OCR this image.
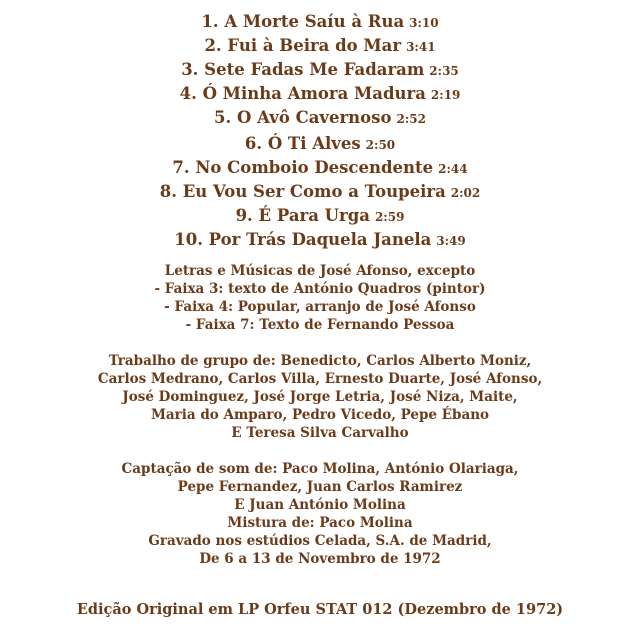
1. A Morte Saíu à Rua 3:10
2. Fui à Beira do Mar 3:41
3. Sete Fadas Me Fadaram 2:35
4. Ó Minha Amora Madura 2:19
5. O Avô Cavernoso 2:52
6. Ó Ti Alves 2:50
7. No Comboio Descendente 2:44
8. Eu Vou Ser Como a Toupeira 2:02
9. É Para Urga 2:59
10. Por Trás Daquela Janela 3:49
Letras e Músicas de José Afonso, excepto
- Faixa 3: texto de António Quadros (pintor)
- Faixa 4: Popular, arranjo de José Afonso
- Faixa 7: Texto de Fernando Pessoa
Trabalho de grupo de: Benedicto, Carlos Alberto Moniz,
Carlos Medrano, Carlos Villa, Ernesto Duarte, José Afonso,
José Dominguez, José Jorge Letria, José Niza, Maite,
Maria do Amparo, Pedro Vicedo, Pepe Ébano
E Teresa Silva Carvalho
Captação de som de: Paco Molina, António Olariaga,
Pepe Fernandez, Juan Carlos Ramirez
E Juan António Molina
Mistura de: Paco Molina
Gravado nos estúdios Celada, S.A. de Madrid,
De 6 a 13 de Novembro de 1972
Edição Original em LP Orfeu STAT 012 (Dezembro de 1972)
